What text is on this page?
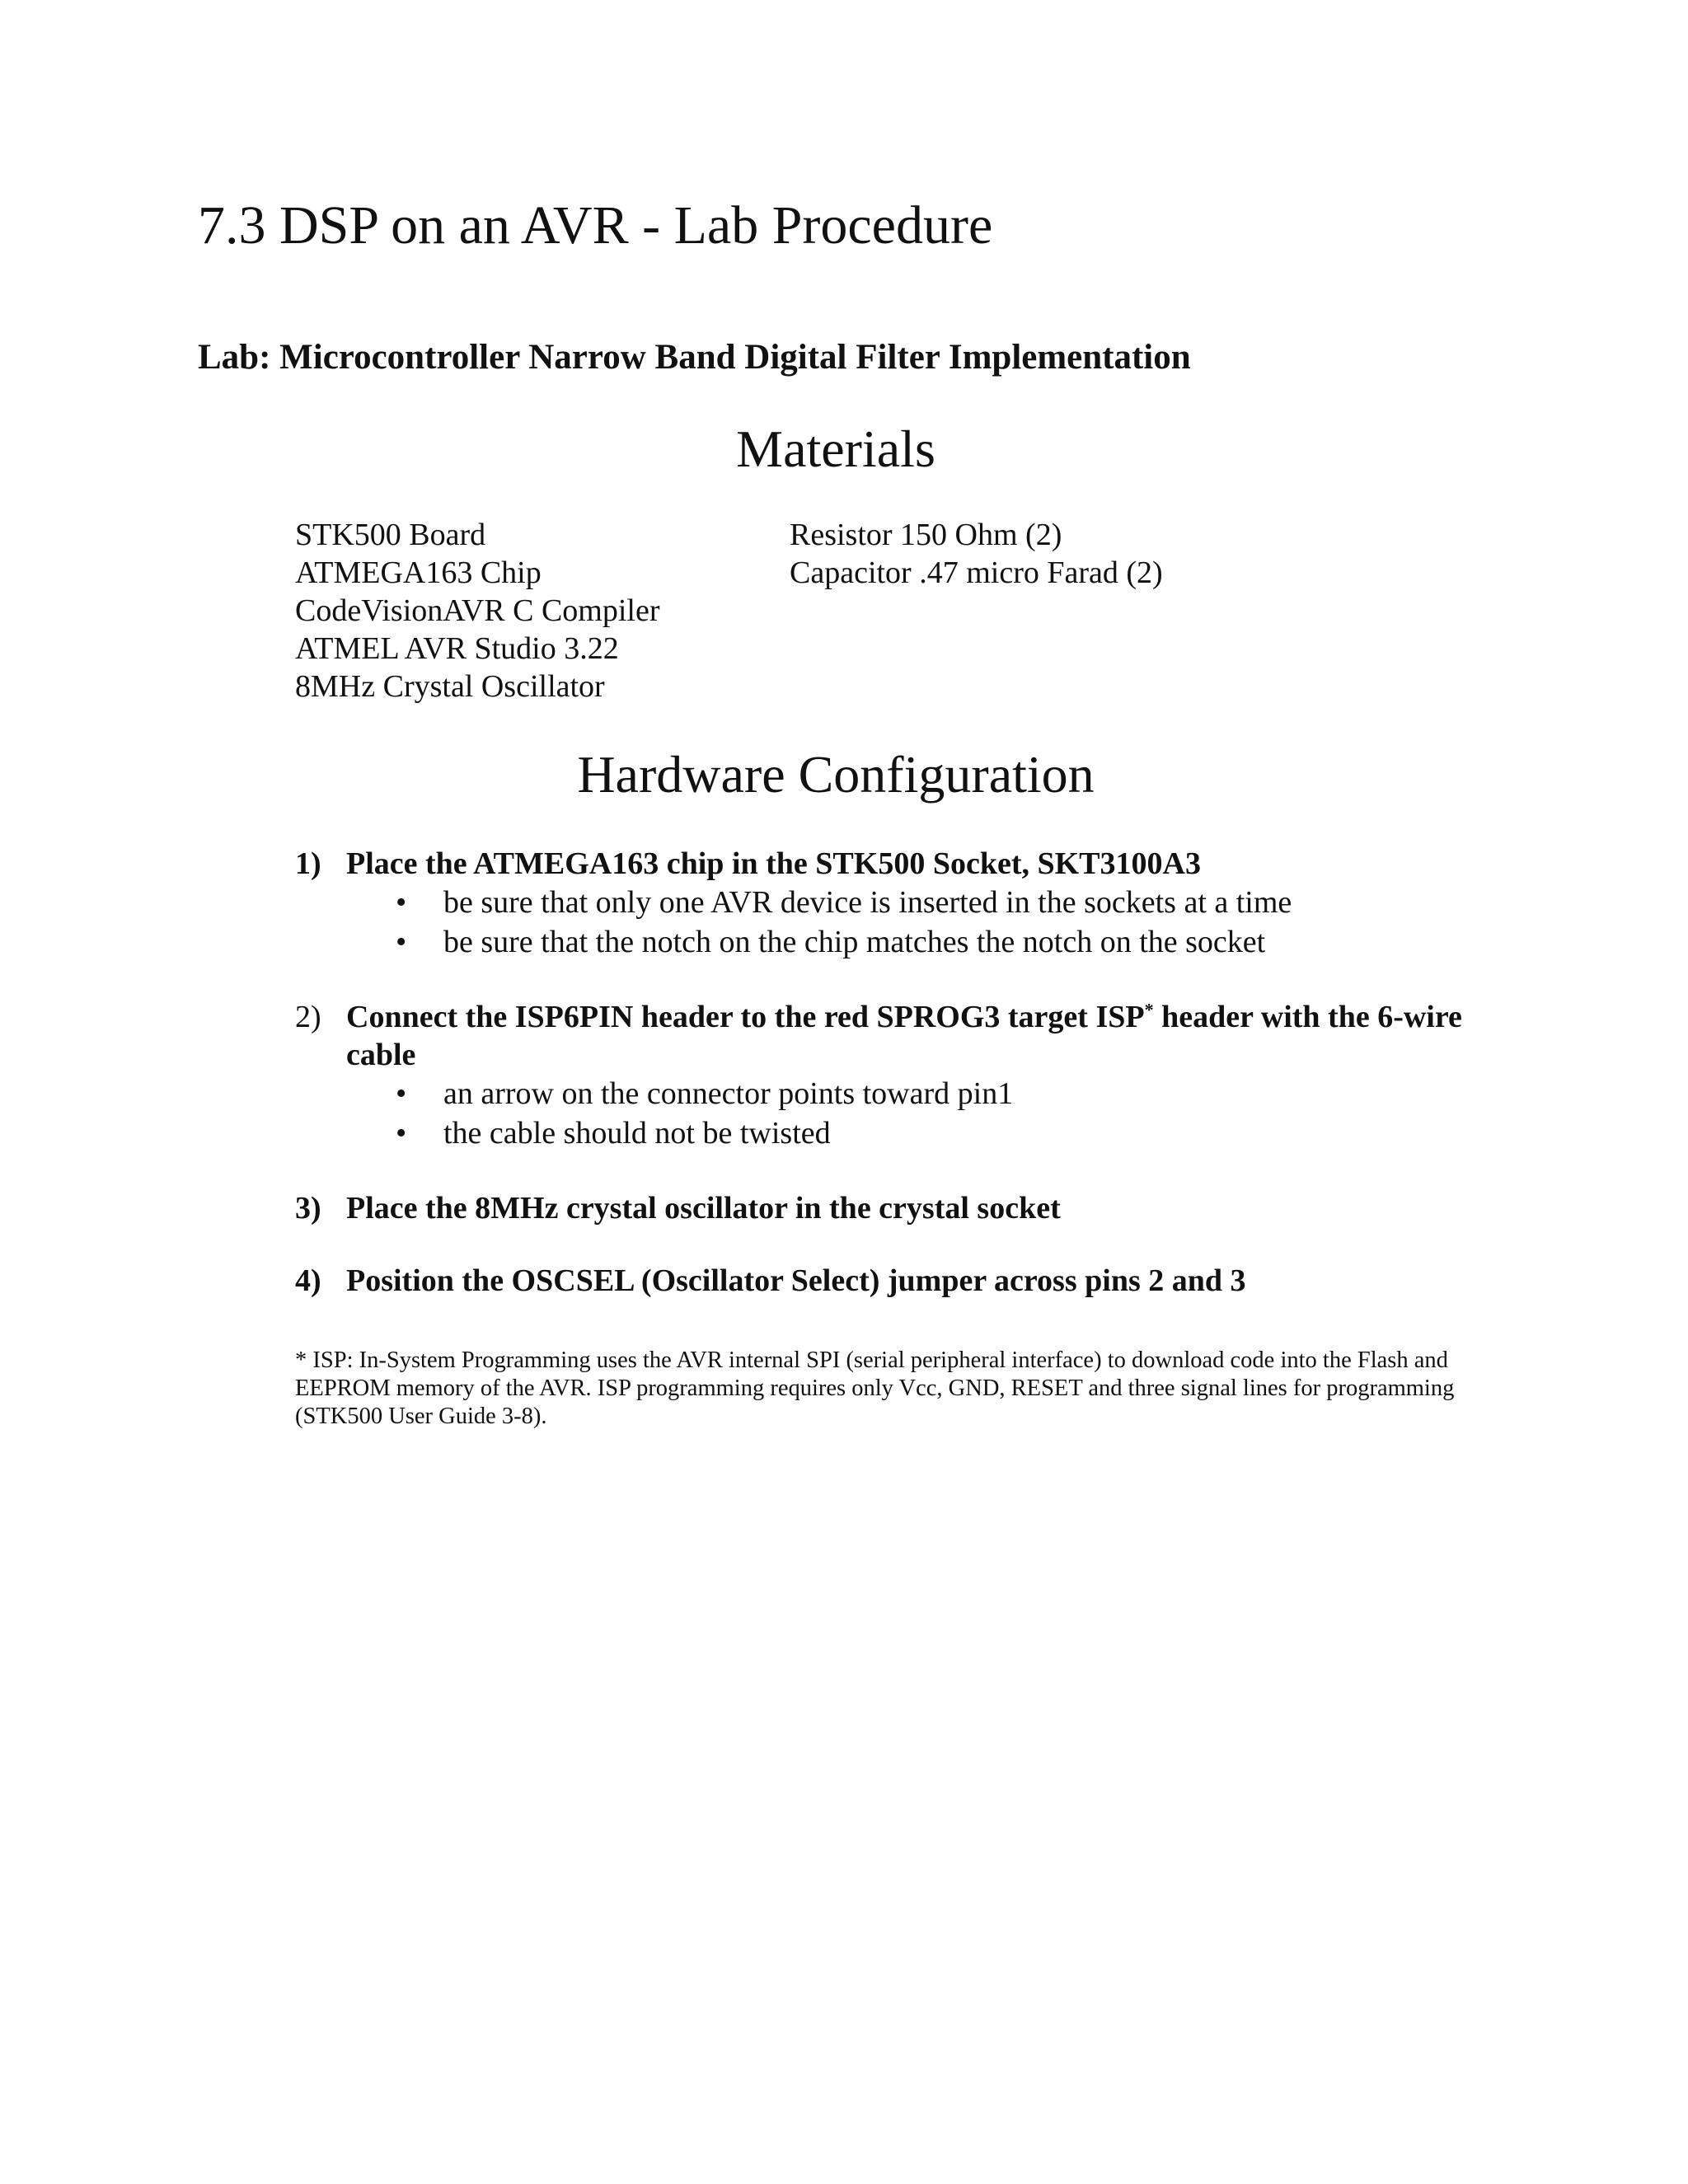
7.3 DSP on an AVR - Lab Procedure
Lab: Microcontroller Narrow Band Digital Filter Implementation
Materials
STK500 Board
ATMEGA163 Chip
CodeVisionAVR C Compiler
ATMEL AVR Studio 3.22
8MHz Crystal Oscillator
Resistor 150 Ohm (2)
Capacitor .47 micro Farad (2)
Hardware Configuration
1) Place the ATMEGA163 chip in the STK500 Socket, SKT3100A3
• be sure that only one AVR device is inserted in the sockets at a time
• be sure that the notch on the chip matches the notch on the socket
2) Connect the ISP6PIN header to the red SPROG3 target ISP* header with the 6-wire cable
• an arrow on the connector points toward pin1
• the cable should not be twisted
3) Place the 8MHz crystal oscillator in the crystal socket
4) Position the OSCSEL (Oscillator Select) jumper across pins 2 and 3
* ISP: In-System Programming uses the AVR internal SPI (serial peripheral interface) to download code into the Flash and EEPROM memory of the AVR. ISP programming requires only Vcc, GND, RESET and three signal lines for programming (STK500 User Guide 3-8).
